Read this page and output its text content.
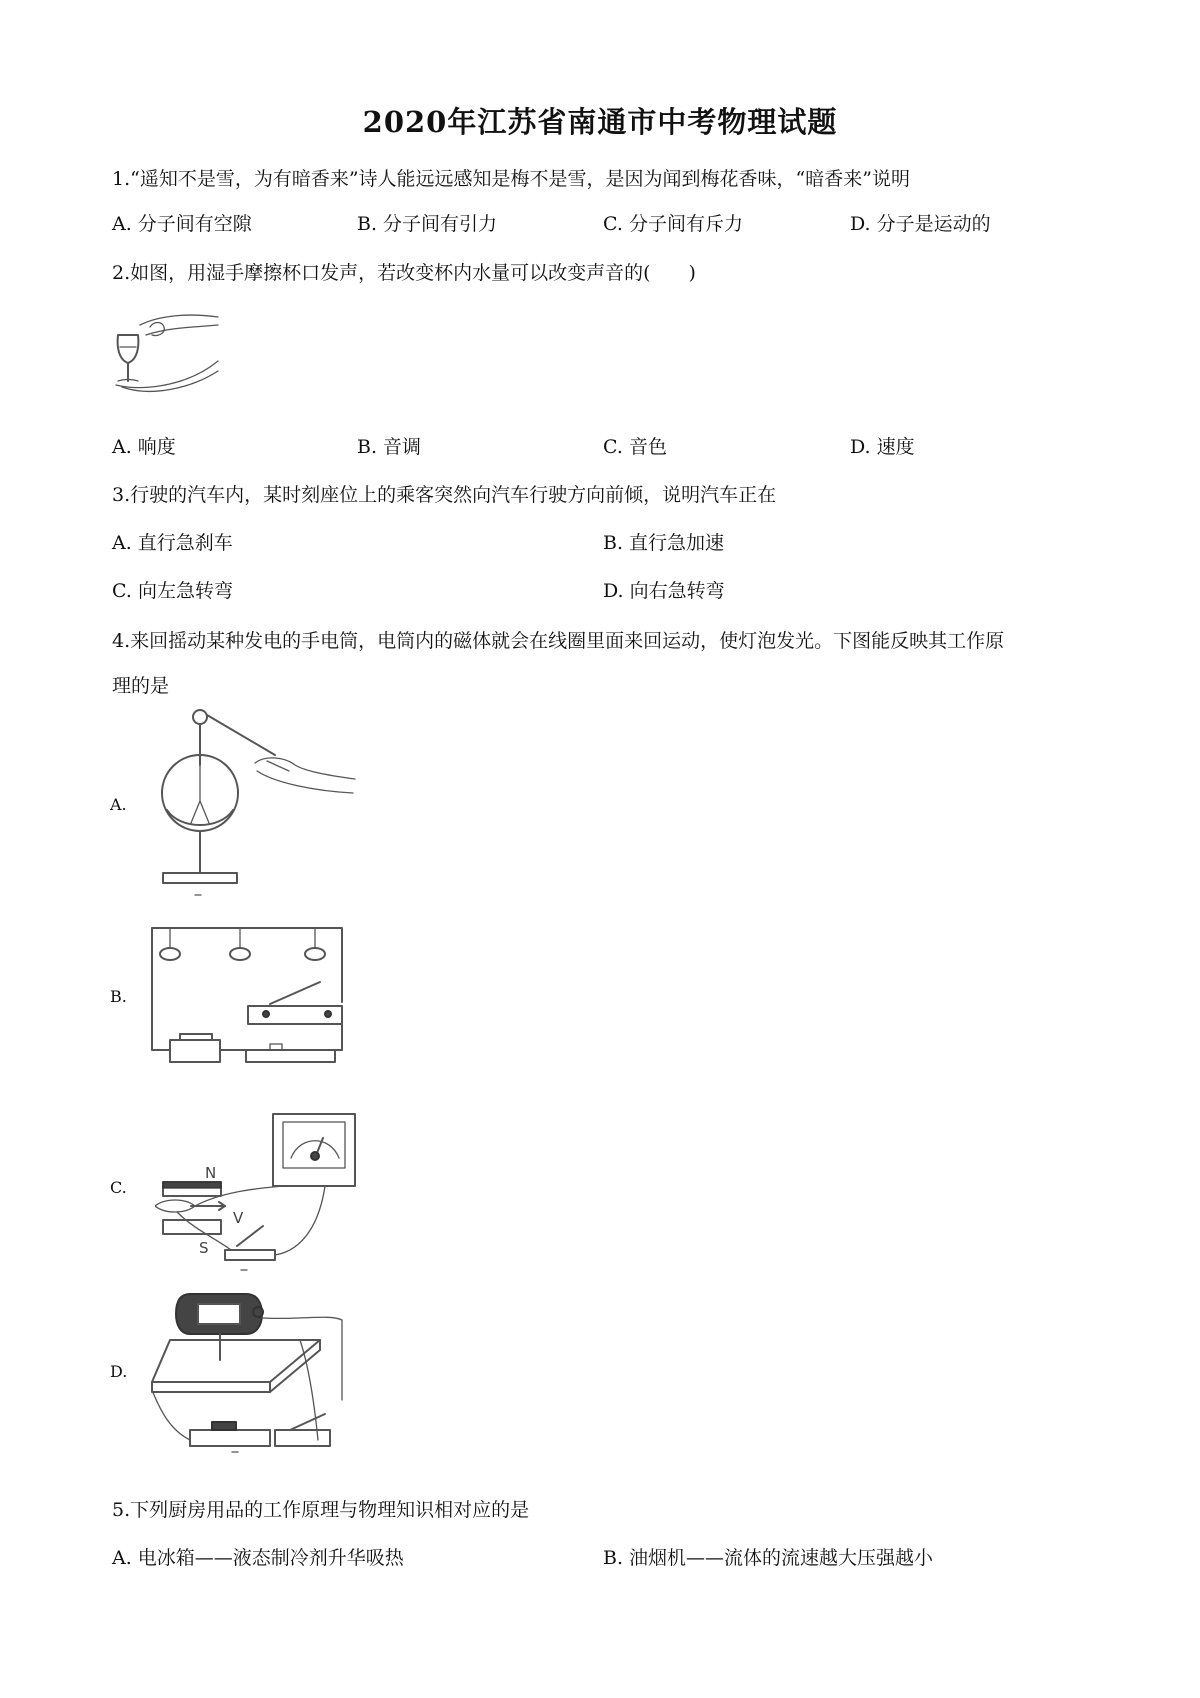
2020年江苏省南通市中考物理试题
1.“遥知不是雪，为有暗香来”诗人能远远感知是梅不是雪，是因为闻到梅花香味，“暗香来”说明
A. 分子间有空隙	B. 分子间有引力	C. 分子间有斥力	D. 分子是运动的
2.如图，用湿手摩擦杯口发声，若改变杯内水量可以改变声音的(　　)
A. 响度	B. 音调	C. 音色	D. 速度
3.行驶的汽车内，某时刻座位上的乘客突然向汽车行驶方向前倾，说明汽车正在
A. 直行急刹车	B. 直行急加速
C. 向左急转弯	D. 向右急转弯
4.来回摇动某种发电的手电筒，电筒内的磁体就会在线圈里面来回运动，使灯泡发光。下图能反映其工作原
理的是
A.
B.
C.
N
S
V
D.
5.下列厨房用品的工作原理与物理知识相对应的是
A. 电冰箱——液态制冷剂升华吸热	B. 油烟机——流体的流速越大压强越小
